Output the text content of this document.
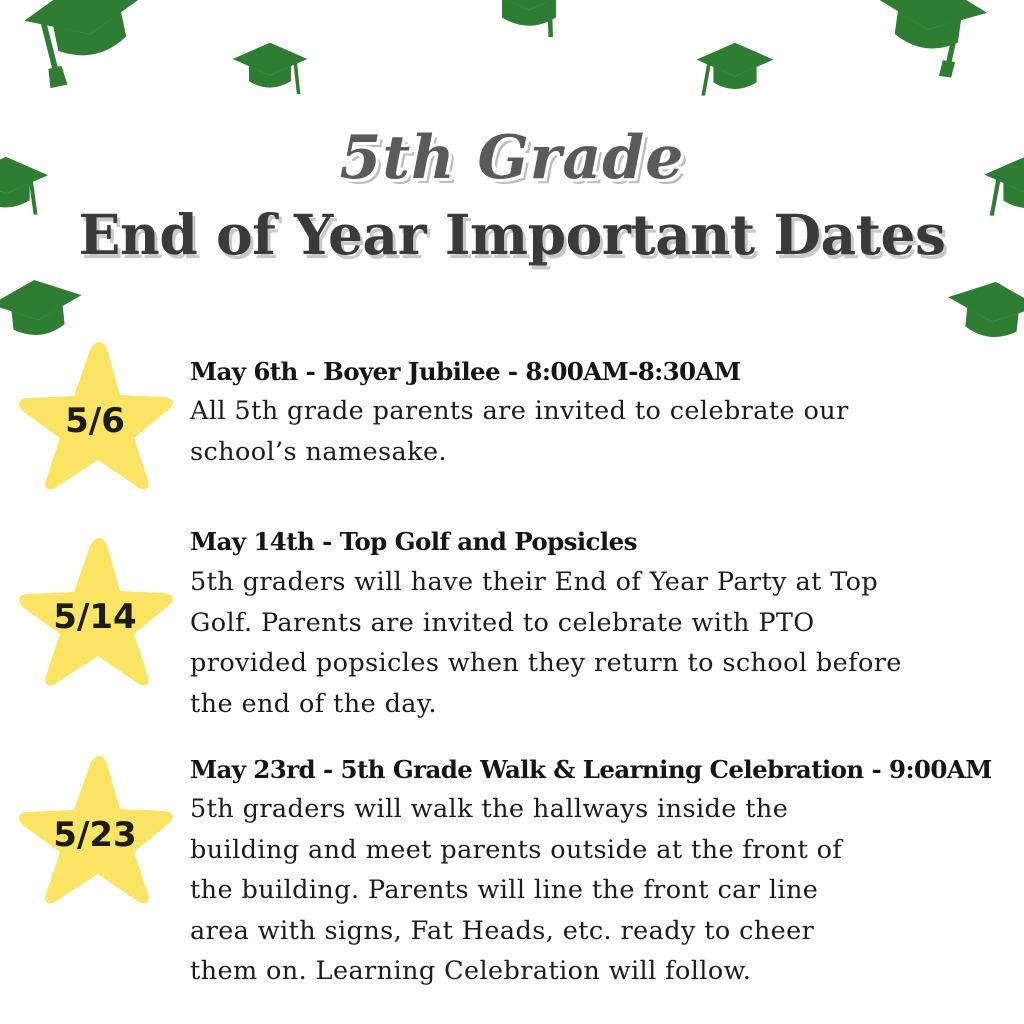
5th Grade
End of Year Important Dates
5/6
May 6th - Boyer Jubilee - 8:00AM-8:30AM
All 5th grade parents are invited to celebrate our
school’s namesake.
5/14
May 14th - Top Golf and Popsicles
5th graders will have their End of Year Party at Top
Golf. Parents are invited to celebrate with PTO
provided popsicles when they return to school before
the end of the day.
5/23
May 23rd - 5th Grade Walk & Learning Celebration - 9:00AM
5th graders will walk the hallways inside the
building and meet parents outside at the front of
the building. Parents will line the front car line
area with signs, Fat Heads, etc. ready to cheer
them on. Learning Celebration will follow.
